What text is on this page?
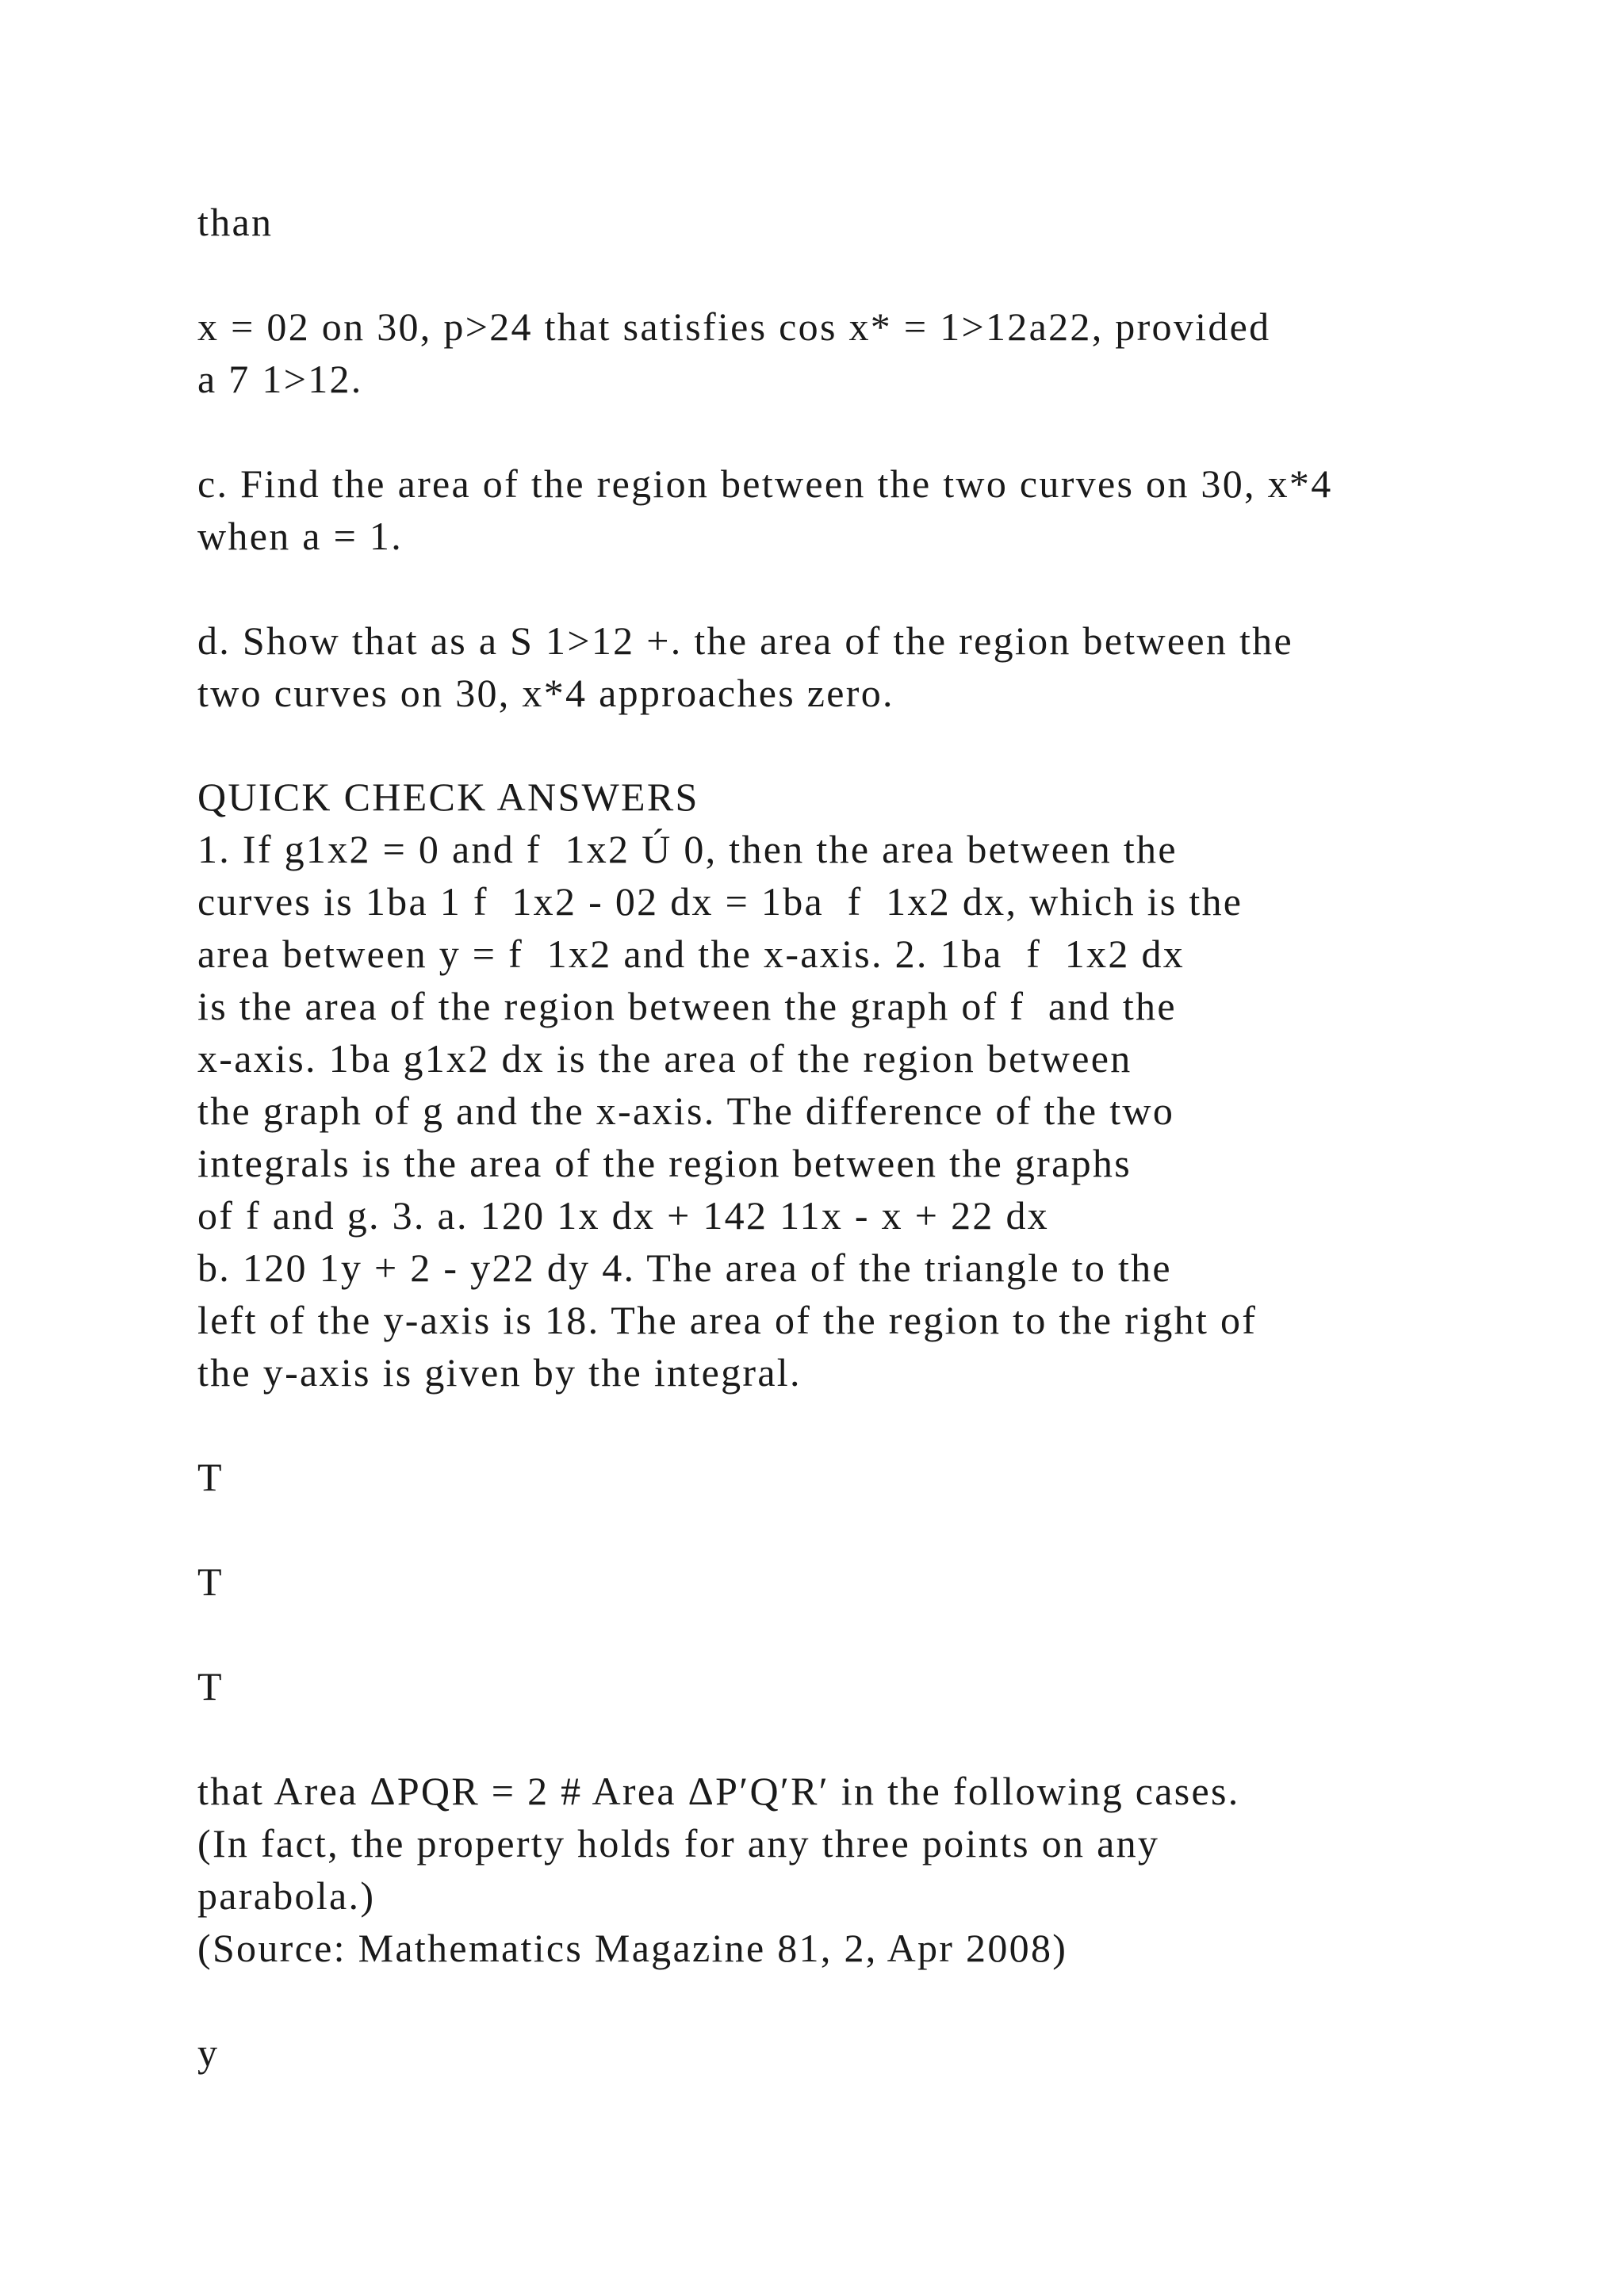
than
x = 02 on 30, p>24 that satisfies cos x* = 1>12a22, provided
a 7 1>12.
c. Find the area of the region between the two curves on 30, x*4
when a = 1.
d. Show that as a S 1>12 +. the area of the region between the
two curves on 30, x*4 approaches zero.
QUICK CHECK ANSWERS
1. If g1x2 = 0 and f  1x2 Ú 0, then the area between the
curves is 1ba 1 f  1x2 - 02 dx = 1ba  f  1x2 dx, which is the
area between y = f  1x2 and the x-axis. 2. 1ba  f  1x2 dx
is the area of the region between the graph of f  and the
x-axis. 1ba g1x2 dx is the area of the region between
the graph of g and the x-axis. The difference of the two
integrals is the area of the region between the graphs
of f and g. 3. a. 120 1x dx + 142 11x - x + 22 dx
b. 120 1y + 2 - y22 dy 4. The area of the triangle to the
left of the y-axis is 18. The area of the region to the right of
the y-axis is given by the integral.
T
T
T
that Area ΔPQR = 2 # Area ΔP′Q′R′ in the following cases.
(In fact, the property holds for any three points on any
parabola.)
(Source: Mathematics Magazine 81, 2, Apr 2008)
y
